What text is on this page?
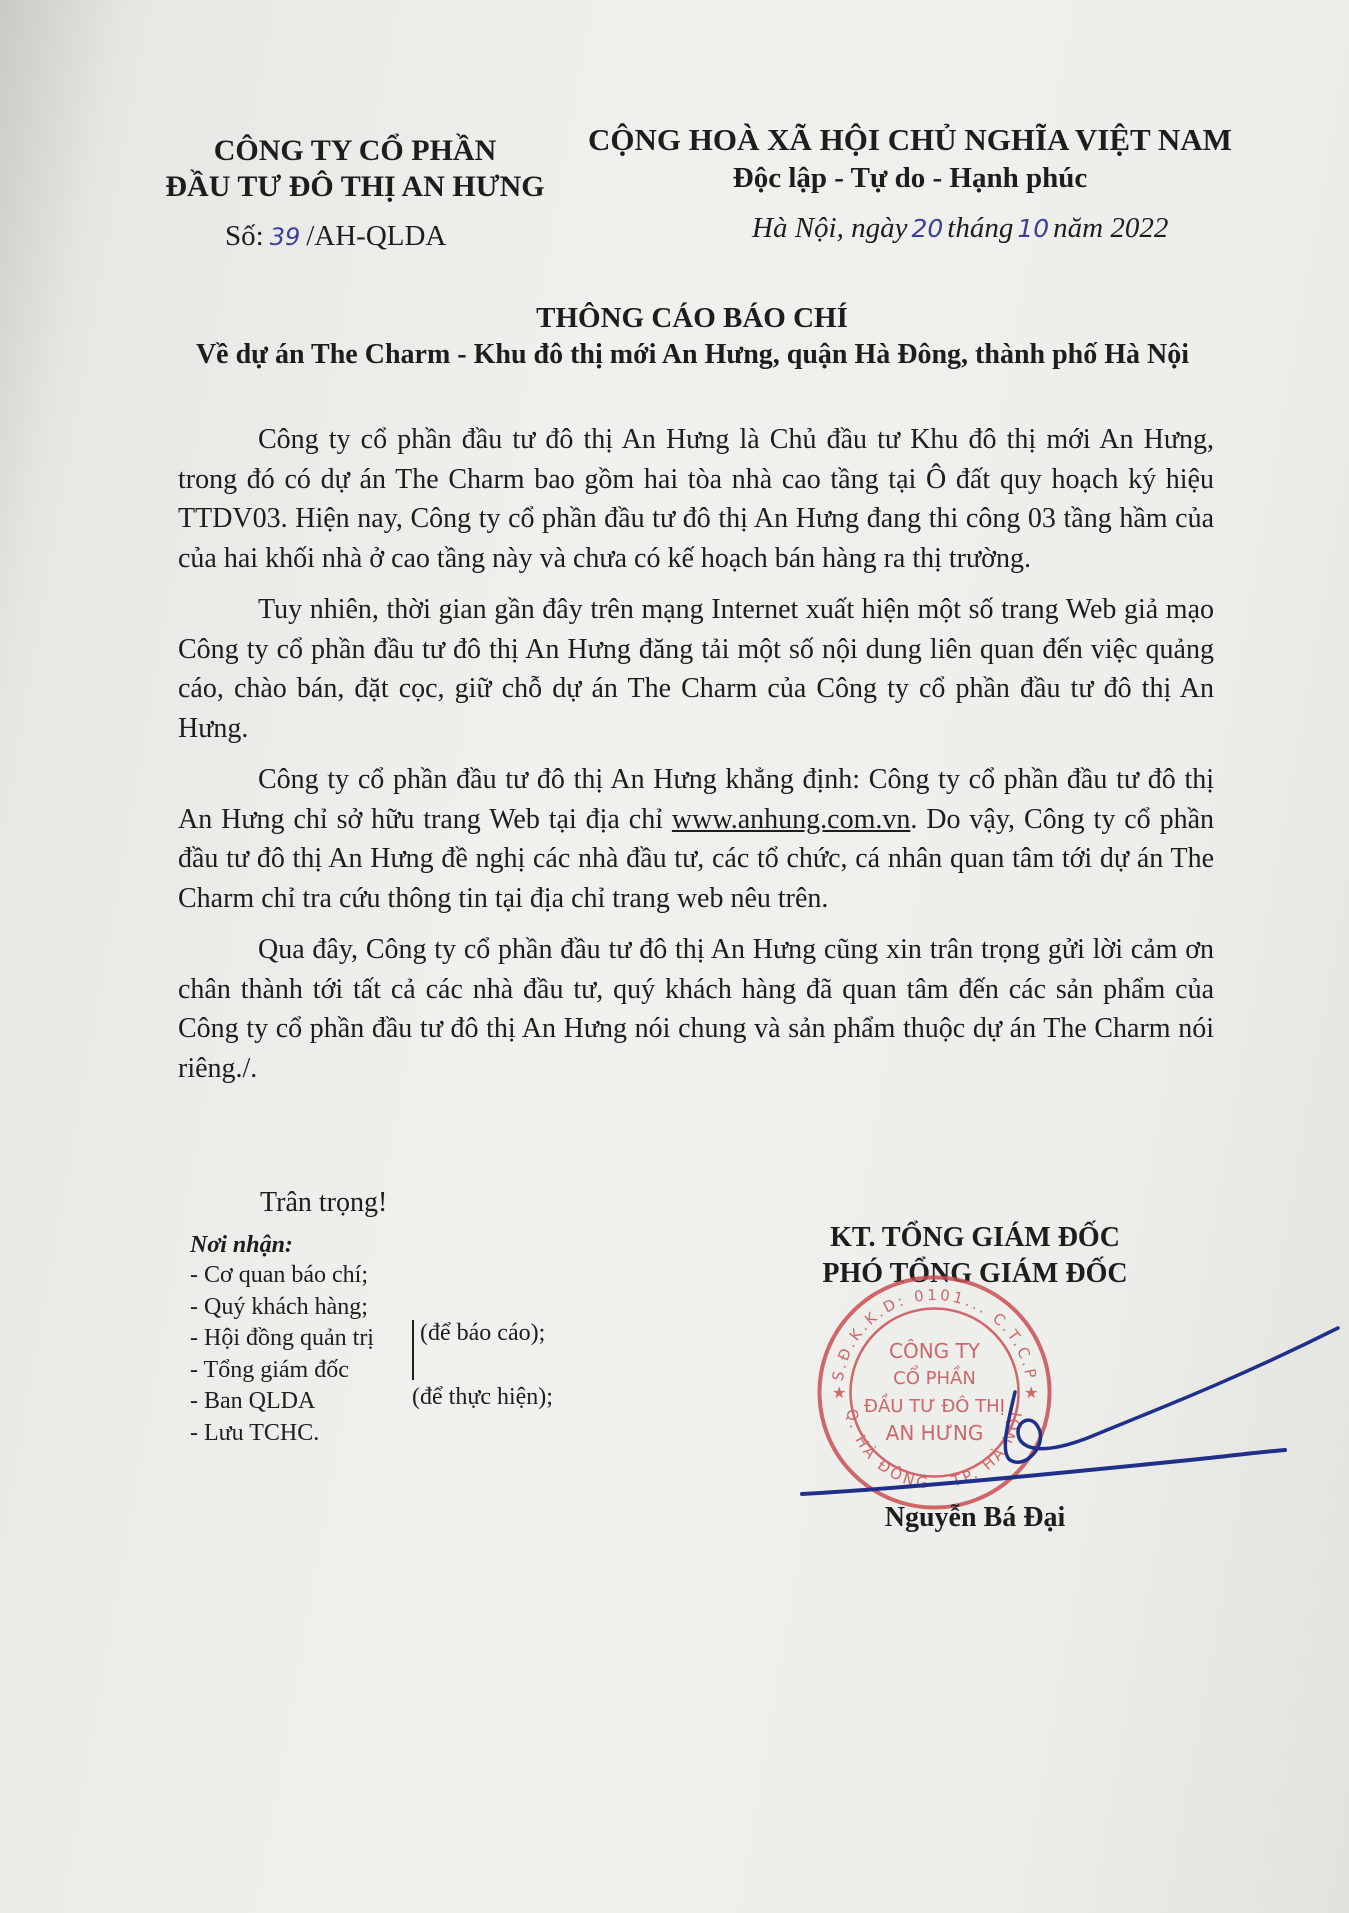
CÔNG TY CỔ PHẦN
ĐẦU TƯ ĐÔ THỊ AN HƯNG
Số: 39 /AH-QLDA
CỘNG HOÀ XÃ HỘI CHỦ NGHĨA VIỆT NAM
Độc lập - Tự do - Hạnh phúc
Hà Nội, ngày 20 tháng 10 năm 2022
THÔNG CÁO BÁO CHÍ
Về dự án The Charm - Khu đô thị mới An Hưng, quận Hà Đông, thành phố Hà Nội

Công ty cổ phần đầu tư đô thị An Hưng là Chủ đầu tư Khu đô thị mới An Hưng, trong đó có dự án The Charm bao gồm hai tòa nhà cao tầng tại Ô đất quy hoạch ký hiệu TTDV03. Hiện nay, Công ty cổ phần đầu tư đô thị An Hưng đang thi công 03 tầng hầm của của hai khối nhà ở cao tầng này và chưa có kế hoạch bán hàng ra thị trường.

Tuy nhiên, thời gian gần đây trên mạng Internet xuất hiện một số trang Web giả mạo Công ty cổ phần đầu tư đô thị An Hưng đăng tải một số nội dung liên quan đến việc quảng cáo, chào bán, đặt cọc, giữ chỗ dự án The Charm của Công ty cổ phần đầu tư đô thị An Hưng.

Công ty cổ phần đầu tư đô thị An Hưng khẳng định: Công ty cổ phần đầu tư đô thị An Hưng chỉ sở hữu trang Web tại địa chỉ www.anhung.com.vn. Do vậy, Công ty cổ phần đầu tư đô thị An Hưng đề nghị các nhà đầu tư, các tổ chức, cá nhân quan tâm tới dự án The Charm chỉ tra cứu thông tin tại địa chỉ trang web nêu trên.

Qua đây, Công ty cổ phần đầu tư đô thị An Hưng cũng xin trân trọng gửi lời cảm ơn chân thành tới tất cả các nhà đầu tư, quý khách hàng đã quan tâm đến các sản phẩm của Công ty cổ phần đầu tư đô thị An Hưng nói chung và sản phẩm thuộc dự án The Charm nói riêng./.

Trân trọng!
Nơi nhận:
- Cơ quan báo chí;
- Quý khách hàng;
- Hội đồng quản trị
- Tổng giám đốc
- Ban QLDA
- Lưu TCHC.
(để báo cáo);
(để thực hiện);
KT. TỔNG GIÁM ĐỐC
PHÓ TỔNG GIÁM ĐỐC
S.Đ.K.K.D: 0101... C.T.C.P
Q. HÀ ĐÔNG - TP. HÀ NỘI
★	★
CÔNG TY
CỔ PHẦN
ĐẦU TƯ ĐÔ THỊ
AN HƯNG
Nguyễn Bá Đại
